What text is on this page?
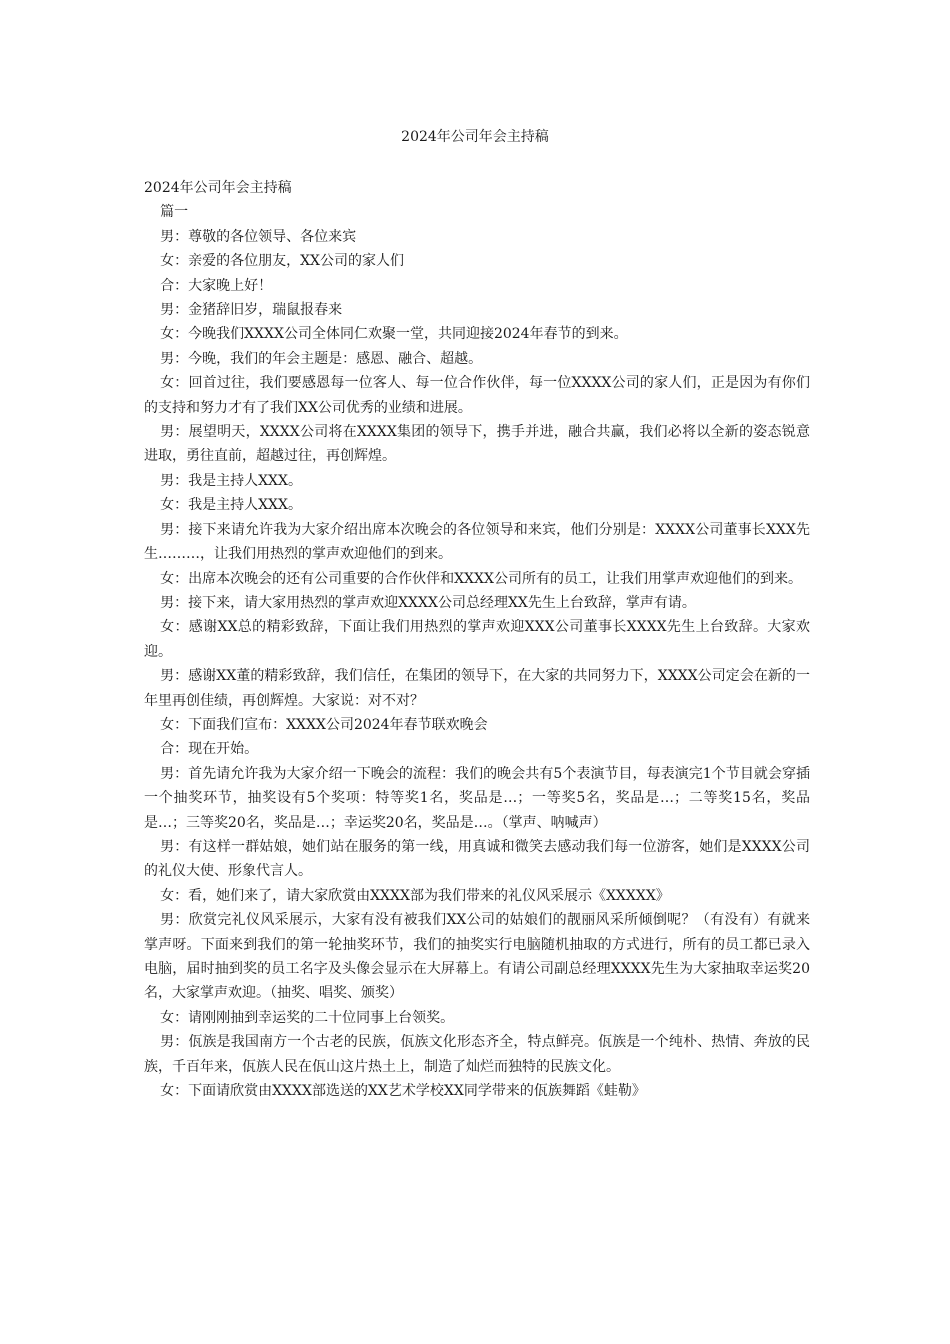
2024年公司年会主持稿

2024年公司年会主持稿

篇一

男：尊敬的各位领导、各位来宾

女：亲爱的各位朋友，XX公司的家人们

合：大家晚上好！

男：金猪辞旧岁，瑞鼠报春来

女：今晚我们XXXX公司全体同仁欢聚一堂，共同迎接2024年春节的到来。

男：今晚，我们的年会主题是：感恩、融合、超越。

女：回首过往，我们要感恩每一位客人、每一位合作伙伴，每一位XXXX公司的家人们，正是因为有你们的支持和努力才有了我们XX公司优秀的业绩和进展。

男：展望明天，XXXX公司将在XXXX集团的领导下，携手并进，融合共赢，我们必将以全新的姿态锐意进取，勇往直前，超越过往，再创辉煌。

男：我是主持人XXX。

女：我是主持人XXX。

男：接下来请允许我为大家介绍出席本次晚会的各位领导和来宾，他们分别是：XXXX公司董事长XXX先生………，让我们用热烈的掌声欢迎他们的到来。

女：出席本次晚会的还有公司重要的合作伙伴和XXXX公司所有的员工，让我们用掌声欢迎他们的到来。

男：接下来，请大家用热烈的掌声欢迎XXXX公司总经理XX先生上台致辞，掌声有请。

女：感谢XX总的精彩致辞，下面让我们用热烈的掌声欢迎XXX公司董事长XXXX先生上台致辞。大家欢迎。

男：感谢XX董的精彩致辞，我们信任，在集团的领导下，在大家的共同努力下，XXXX公司定会在新的一年里再创佳绩，再创辉煌。大家说：对不对？

女：下面我们宣布：XXXX公司2024年春节联欢晚会

合：现在开始。

男：首先请允许我为大家介绍一下晚会的流程：我们的晚会共有5个表演节目，每表演完1个节目就会穿插一个抽奖环节，抽奖设有5个奖项：特等奖1名，奖品是…；一等奖5名，奖品是…；二等奖15名，奖品是…；三等奖20名，奖品是…；幸运奖20名，奖品是…。（掌声、呐喊声）

男：有这样一群姑娘，她们站在服务的第一线，用真诚和微笑去感动我们每一位游客，她们是XXXX公司的礼仪大使、形象代言人。

女：看，她们来了，请大家欣赏由XXXX部为我们带来的礼仪风采展示《XXXXX》

男：欣赏完礼仪风采展示，大家有没有被我们XX公司的姑娘们的靓丽风采所倾倒呢？（有没有）有就来掌声呀。下面来到我们的第一轮抽奖环节，我们的抽奖实行电脑随机抽取的方式进行，所有的员工都已录入电脑，届时抽到奖的员工名字及头像会显示在大屏幕上。有请公司副总经理XXXX先生为大家抽取幸运奖20名，大家掌声欢迎。（抽奖、唱奖、颁奖）

女：请刚刚抽到幸运奖的二十位同事上台领奖。

男：佤族是我国南方一个古老的民族，佤族文化形态齐全，特点鲜亮。佤族是一个纯朴、热情、奔放的民族，千百年来，佤族人民在佤山这片热土上，制造了灿烂而独特的民族文化。

女：下面请欣赏由XXXX部选送的XX艺术学校XX同学带来的佤族舞蹈《蛙勒》
